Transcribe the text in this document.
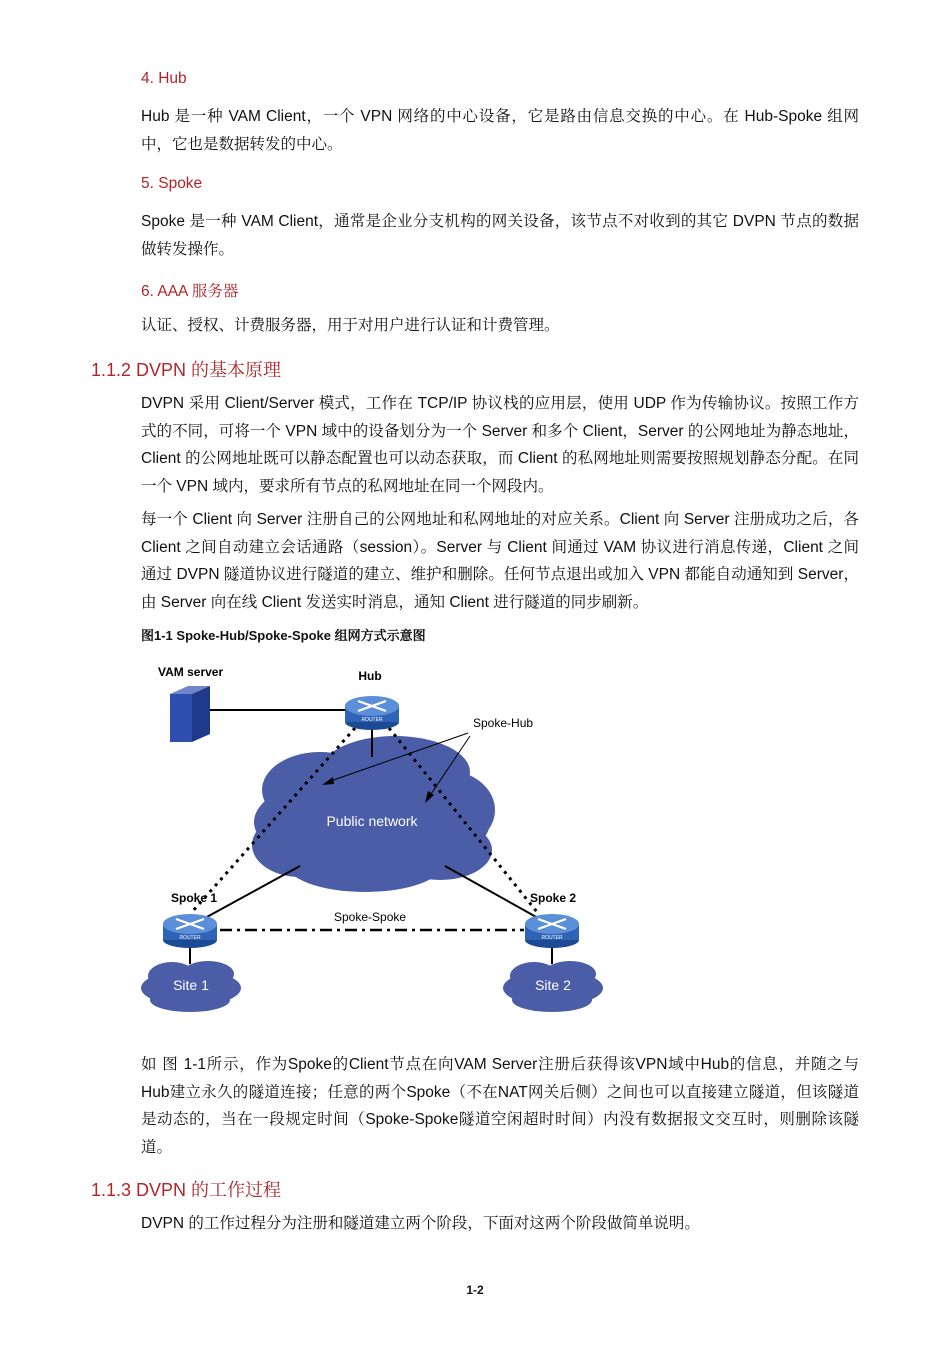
4. Hub
Hub 是一种 VAM Client，一个 VPN 网络的中心设备，它是路由信息交换的中心。在 Hub-Spoke 组网中，它也是数据转发的中心。
5. Spoke
Spoke 是一种 VAM Client，通常是企业分支机构的网关设备，该节点不对收到的其它 DVPN 节点的数据做转发操作。
6. AAA 服务器
认证、授权、计费服务器，用于对用户进行认证和计费管理。
1.1.2 DVPN 的基本原理
DVPN 采用 Client/Server 模式，工作在 TCP/IP 协议栈的应用层，使用 UDP 作为传输协议。按照工作方式的不同，可将一个 VPN 域中的设备划分为一个 Server 和多个 Client，Server 的公网地址为静态地址，Client 的公网地址既可以静态配置也可以动态获取，而 Client 的私网地址则需要按照规划静态分配。在同一个 VPN 域内，要求所有节点的私网地址在同一个网段内。
每一个 Client 向 Server 注册自己的公网地址和私网地址的对应关系。Client 向 Server 注册成功之后，各 Client 之间自动建立会话通路（session）。Server 与 Client 间通过 VAM 协议进行消息传递，Client 之间通过 DVPN 隧道协议进行隧道的建立、维护和删除。任何节点退出或加入 VPN 都能自动通知到 Server，由 Server 向在线 Client 发送实时消息，通知 Client 进行隧道的同步刷新。
图1-1 Spoke-Hub/Spoke-Spoke 组网方式示意图
Public network
Spoke-Hub
VAM server
ROUTER
Hub
ROUTER
Spoke 1
ROUTER
Spoke 2
Spoke-Spoke
Site 1	Site 2
如 图 1-1所示，作为Spoke的Client节点在向VAM Server注册后获得该VPN域中Hub的信息，并随之与Hub建立永久的隧道连接；任意的两个Spoke（不在NAT网关后侧）之间也可以直接建立隧道，但该隧道是动态的，当在一段规定时间（Spoke-Spoke隧道空闲超时时间）内没有数据报文交互时，则删除该隧道。
1.1.3 DVPN 的工作过程
DVPN 的工作过程分为注册和隧道建立两个阶段，下面对这两个阶段做简单说明。
1-2
